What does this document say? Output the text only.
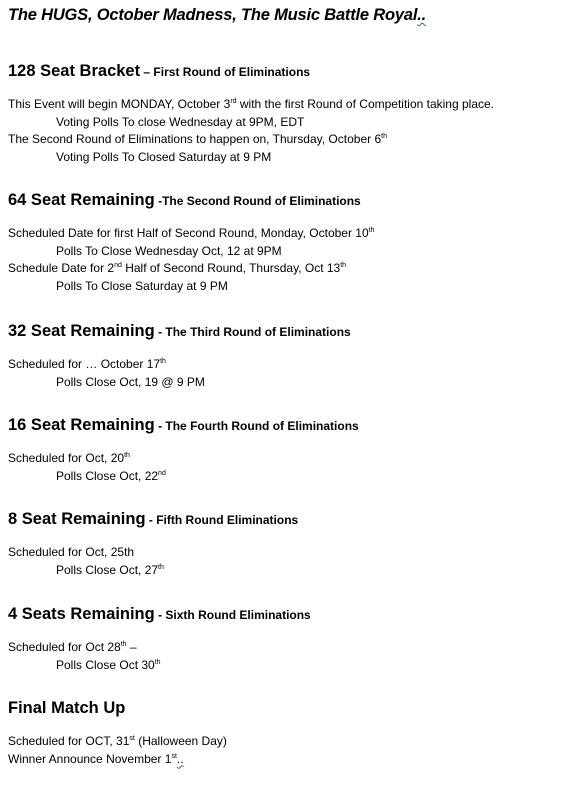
The HUGS, October Madness, The Music Battle Royal..

128 Seat Bracket – First Round of Eliminations

This Event will begin MONDAY, October 3rd with the first Round of Competition taking place.
Voting Polls To close Wednesday at 9PM, EDT
The Second Round of Eliminations to happen on, Thursday, October 6th
Voting Polls To Closed Saturday at 9 PM

64 Seat Remaining -The Second Round of Eliminations

Scheduled Date for first Half of Second Round, Monday, October 10th
Polls To Close Wednesday Oct, 12 at 9PM
Schedule Date for 2nd Half of Second Round, Thursday, Oct 13th
Polls To Close Saturday at 9 PM

32 Seat Remaining - The Third Round of Eliminations

Scheduled for … October 17th
Polls Close Oct, 19 @ 9 PM

16 Seat Remaining - The Fourth Round of Eliminations

Scheduled for Oct, 20th
Polls Close Oct, 22nd

8 Seat Remaining - Fifth Round Eliminations

Scheduled for Oct, 25th
Polls Close Oct, 27th

4 Seats Remaining - Sixth Round Eliminations

Scheduled for Oct 28th –
Polls Close Oct 30th

Final Match Up

Scheduled for OCT, 31st (Halloween Day)
Winner Announce November 1st..
